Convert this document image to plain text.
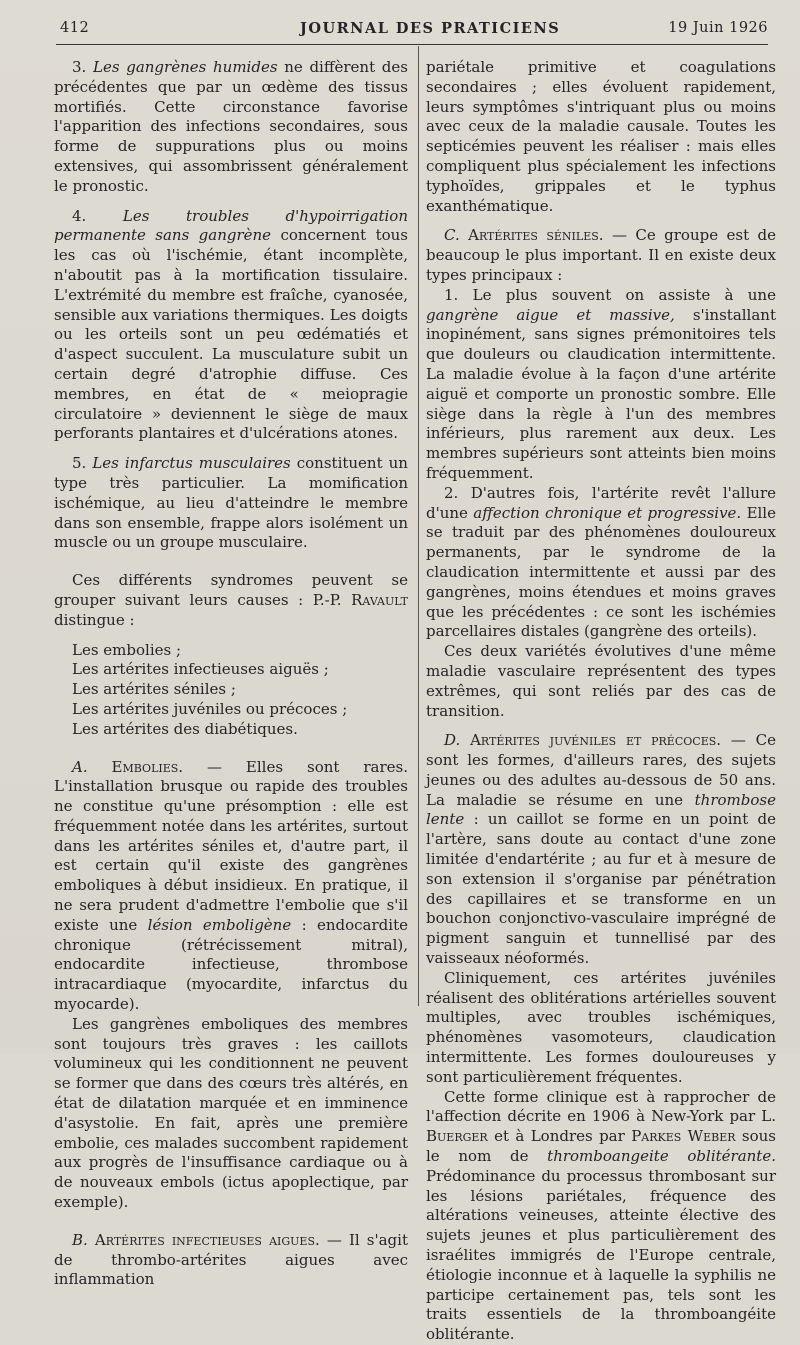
412	JOURNAL DES PRATICIENS	19 Juin 1926

3. Les gangrènes humides ne diffèrent des précédentes que par un œdème des tissus mortifiés. Cette circonstance favorise l'apparition des infections secondaires, sous forme de suppurations plus ou moins extensives, qui assombrissent généralement le pronostic.

4. Les troubles d'hypoirrigation permanente sans gangrène concernent tous les cas où l'ischémie, étant incomplète, n'aboutit pas à la mortification tissulaire. L'extrémité du membre est fraîche, cyanosée, sensible aux variations thermiques. Les doigts ou les orteils sont un peu œdématiés et d'aspect succulent. La musculature subit un certain degré d'atrophie diffuse. Ces membres, en état de « meiopragie circulatoire » deviennent le siège de maux perforants plantaires et d'ulcérations atones.

5. Les infarctus musculaires constituent un type très particulier. La momification ischémique, au lieu d'atteindre le membre dans son ensemble, frappe alors isolément un muscle ou un groupe musculaire.

Ces différents syndromes peuvent se grouper suivant leurs causes : P.-P. Ravault distingue :

Les embolies ;

Les artérites infectieuses aiguës ;

Les artérites séniles ;

Les artérites juvéniles ou précoces ;

Les artérites des diabétiques.

A. Embolies. — Elles sont rares. L'installation brusque ou rapide des troubles ne constitue qu'une présomption : elle est fréquemment notée dans les artérites, surtout dans les artérites séniles et, d'autre part, il est certain qu'il existe des gangrènes emboliques à début insidieux. En pratique, il ne sera prudent d'admettre l'embolie que s'il existe une lésion emboligène : endocardite chronique (rétrécissement mitral), endocardite infectieuse, thrombose intracardiaque (myocardite, infarctus du myocarde).

Les gangrènes emboliques des membres sont toujours très graves : les caillots volumineux qui les conditionnent ne peuvent se former que dans des cœurs très altérés, en état de dilatation marquée et en imminence d'asystolie. En fait, après une première embolie, ces malades succombent rapidement aux progrès de l'insuffisance cardiaque ou à de nouveaux embols (ictus apoplectique, par exemple).

B. Artérites infectieuses aigues. — Il s'agit de thrombo-artérites aigues avec inflammation

pariétale primitive et coagulations secondaires ; elles évoluent rapidement, leurs symptômes s'intriquant plus ou moins avec ceux de la maladie causale. Toutes les septicémies peuvent les réaliser : mais elles compliquent plus spécialement les infections typhoïdes, grippales et le typhus exanthématique.

C. Artérites séniles. — Ce groupe est de beaucoup le plus important. Il en existe deux types principaux :

1. Le plus souvent on assiste à une gangrène aigue et massive, s'installant inopinément, sans signes prémonitoires tels que douleurs ou claudication intermittente. La maladie évolue à la façon d'une artérite aiguë et comporte un pronostic sombre. Elle siège dans la règle à l'un des membres inférieurs, plus rarement aux deux. Les membres supérieurs sont atteints bien moins fréquemment.

2. D'autres fois, l'artérite revêt l'allure d'une affection chronique et progressive. Elle se traduit par des phénomènes douloureux permanents, par le syndrome de la claudication intermittente et aussi par des gangrènes, moins étendues et moins graves que les précédentes : ce sont les ischémies parcellaires distales (gangrène des orteils).

Ces deux variétés évolutives d'une même maladie vasculaire représentent des types extrêmes, qui sont reliés par des cas de transition.

D. Artérites juvéniles et précoces. — Ce sont les formes, d'ailleurs rares, des sujets jeunes ou des adultes au-dessous de 50 ans. La maladie se résume en une thrombose lente : un caillot se forme en un point de l'artère, sans doute au contact d'une zone limitée d'endartérite ; au fur et à mesure de son extension il s'organise par pénétration des capillaires et se transforme en un bouchon conjonctivo-vasculaire imprégné de pigment sanguin et tunnellisé par des vaisseaux néoformés.

Cliniquement, ces artérites juvéniles réalisent des oblitérations artérielles souvent multiples, avec troubles ischémiques, phénomènes vasomoteurs, claudication intermittente. Les formes douloureuses y sont particulièrement fréquentes.

Cette forme clinique est à rapprocher de l'affection décrite en 1906 à New-York par L. Buerger et à Londres par Parkes Weber sous le nom de thromboangeite oblitérante. Prédominance du processus thrombosant sur les lésions pariétales, fréquence des altérations veineuses, atteinte élective des sujets jeunes et plus particulièrement des israélites immigrés de l'Europe centrale, étiologie inconnue et à laquelle la syphilis ne participe certainement pas, tels sont les traits essentiels de la thromboangéite oblitérante.
